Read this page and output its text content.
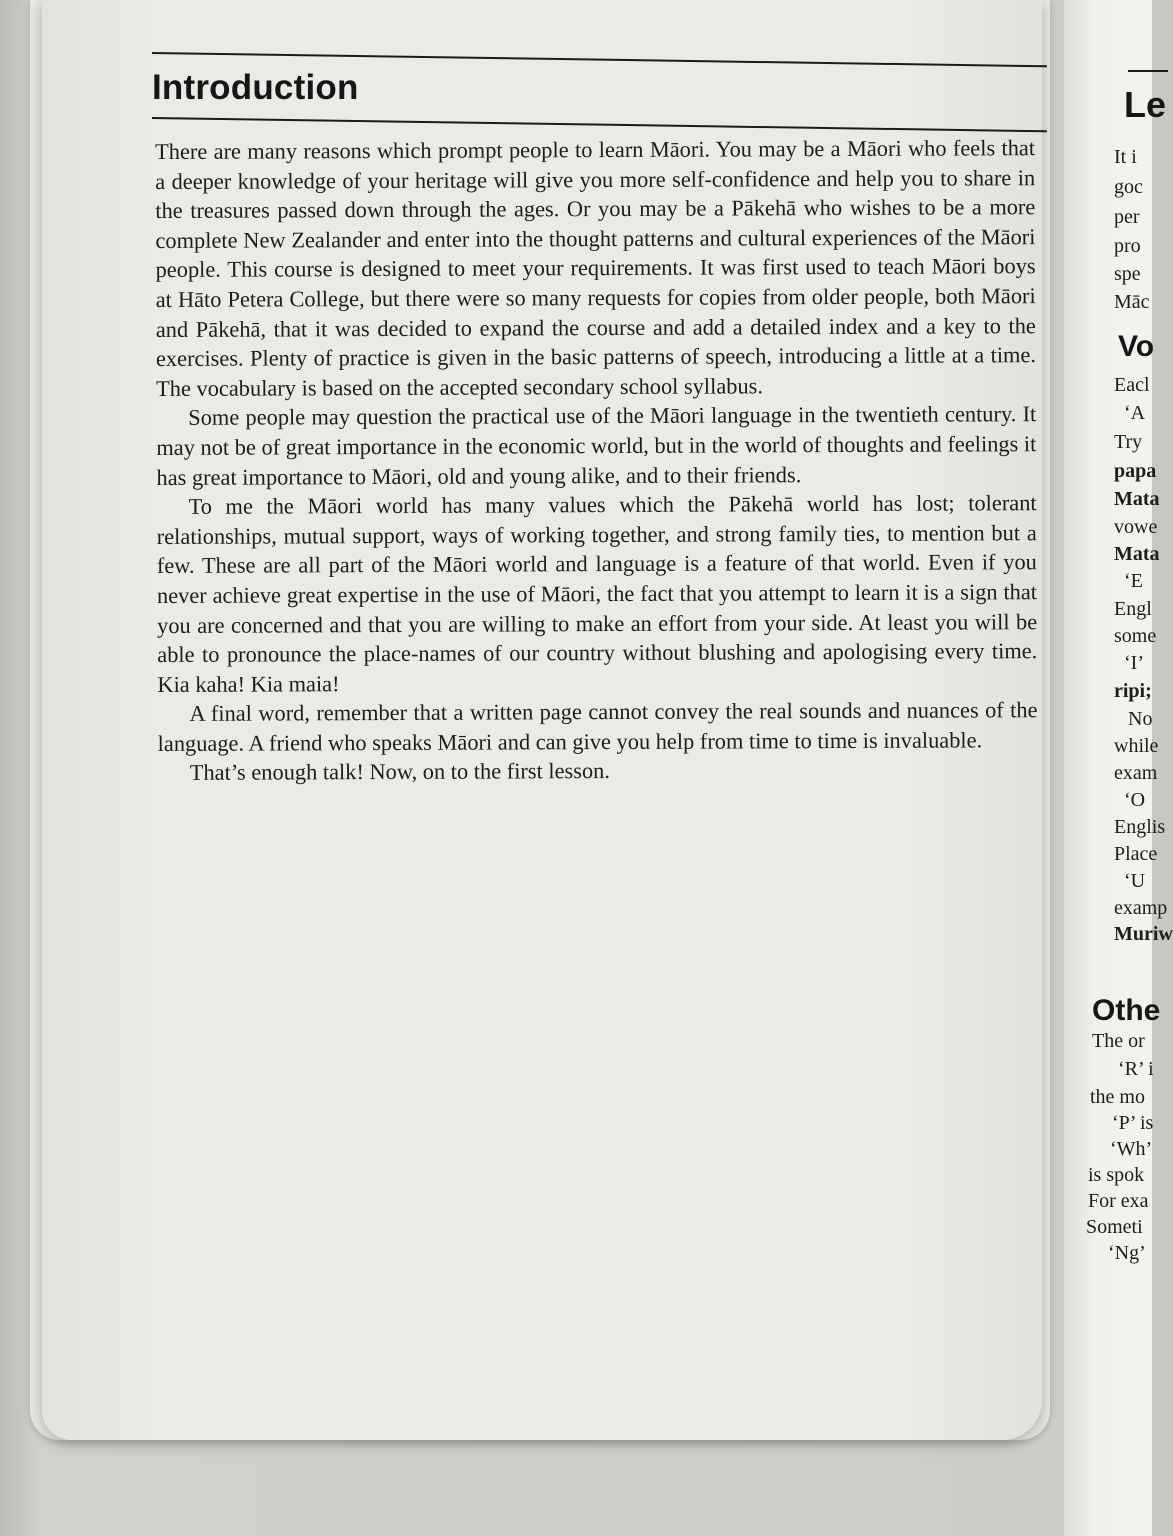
Introduction

There are many reasons which prompt people to learn Māori. You may be a Māori who feels that a deeper knowledge of your heritage will give you more self-confidence and help you to share in the treasures passed down through the ages. Or you may be a Pākehā who wishes to be a more complete New Zealander and enter into the thought patterns and cultural experiences of the Māori people. This course is designed to meet your requirements. It was first used to teach Māori boys at Hāto Petera College, but there were so many requests for copies from older people, both Māori and Pākehā, that it was decided to expand the course and add a detailed index and a key to the exercises. Plenty of practice is given in the basic patterns of speech, introducing a little at a time. The vocabulary is based on the accepted secondary school syllabus.

Some people may question the practical use of the Māori language in the twentieth century. It may not be of great importance in the economic world, but in the world of thoughts and feelings it has great importance to Māori, old and young alike, and to their friends.

To me the Māori world has many values which the Pākehā world has lost; tolerant relationships, mutual support, ways of working together, and strong family ties, to mention but a few. These are all part of the Māori world and language is a feature of that world. Even if you never achieve great expertise in the use of Māori, the fact that you attempt to learn it is a sign that you are concerned and that you are willing to make an effort from your side. At least you will be able to pronounce the place-names of our country without blushing and apologising every time. Kia kaha! Kia maia!

A final word, remember that a written page cannot convey the real sounds and nuances of the language. A friend who speaks Māori and can give you help from time to time is invaluable.

That’s enough talk! Now, on to the first lesson.

Le
It i
goc
per
pro
spe
Māc
Vo
Eacl
‘A
Try
papa
Mata
vowe
Mata
‘E
Engl
some
‘I’
ripi;
No
while
exam
‘O
Englis
Place
‘U
examp
Muriw
Othe
The or
‘R’ i
the mo
‘P’ is
‘Wh’
is spok
For exa
Someti
‘Ng’
